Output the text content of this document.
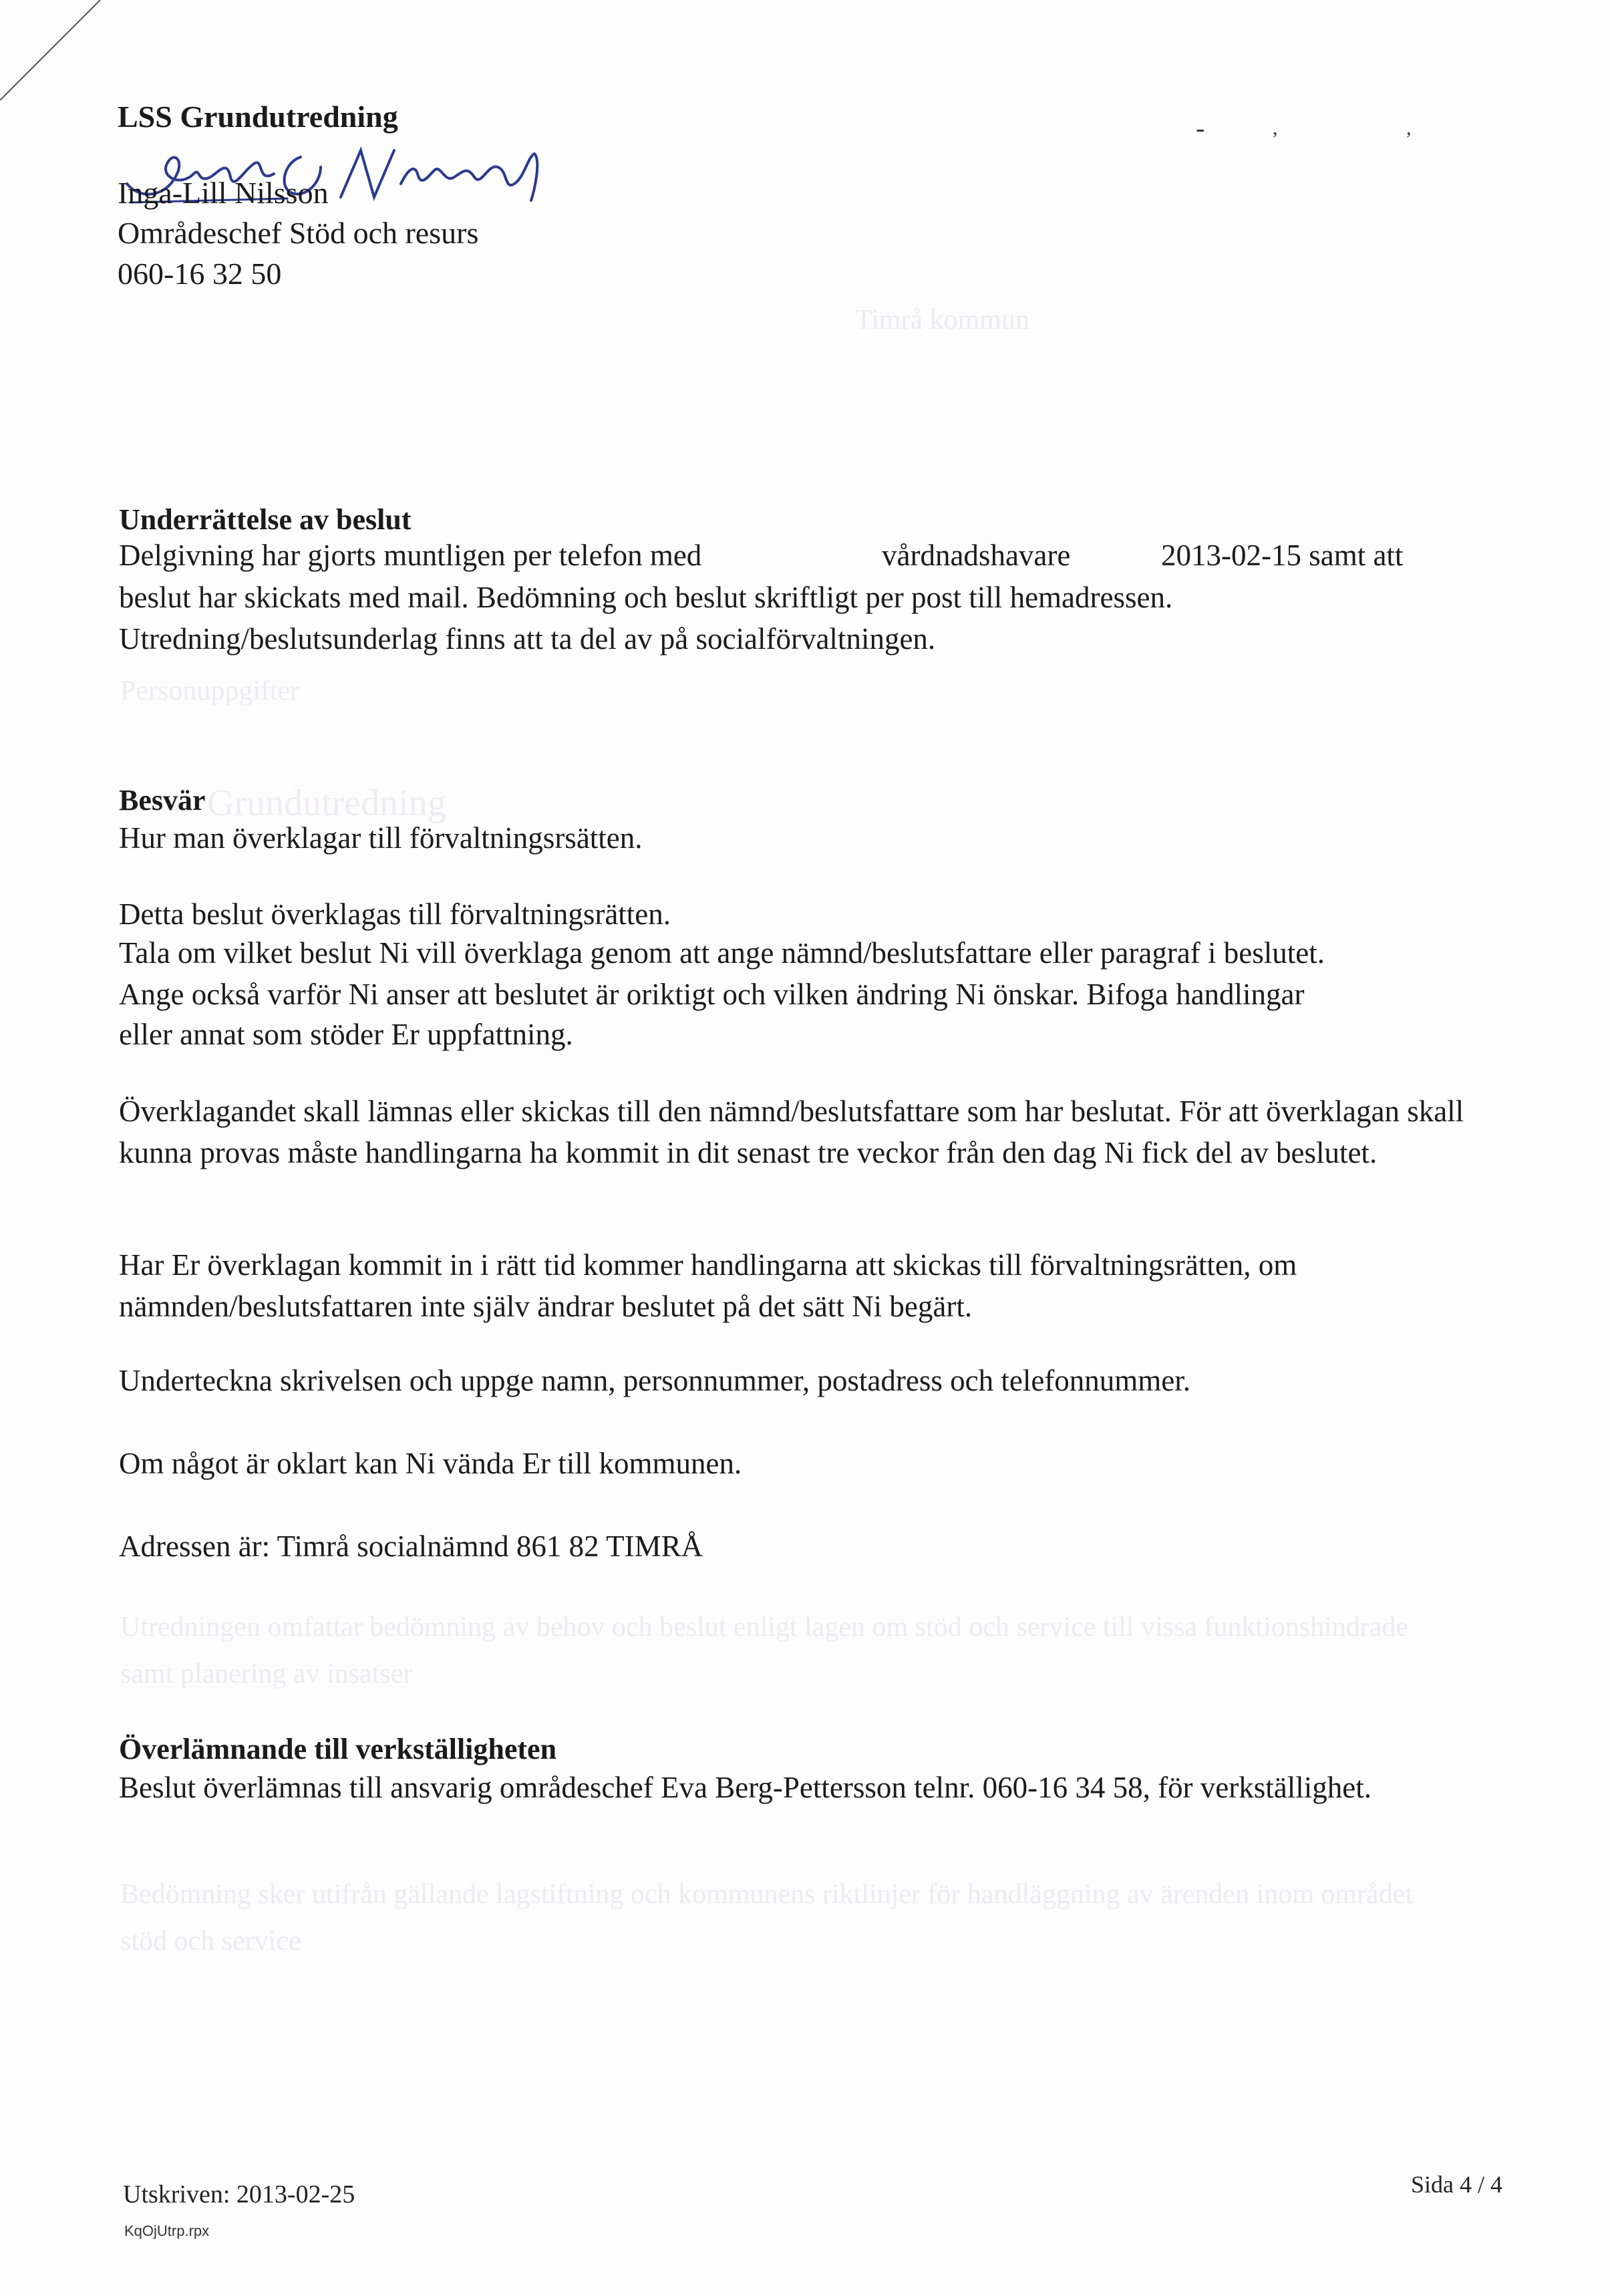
Grundutredning
Personuppgifter
Timrå kommun
Utredningen omfattar bedömning av behov och beslut enligt lagen om stöd och service till vissa funktionshindrade samt planering av insatser
Bedömning sker utifrån gällande lagstiftning och kommunens riktlinjer för handläggning av ärenden inom området stöd och service
LSS Grundutredning
Inga-Lill Nilsson
Områdeschef Stöd och resurs
060-16 32 50
-	,	,
Underrättelse av beslut
Delgivning har gjorts muntligen per telefon med	vårdnadshavare	2013-02-15 samt att
beslut har skickats med mail. Bedömning och beslut skriftligt per post till hemadressen.
Utredning/beslutsunderlag finns att ta del av på socialförvaltningen.
Besvär
Hur man överklagar till förvaltningsrsätten.
Detta beslut överklagas till förvaltningsrätten.
Tala om vilket beslut Ni vill överklaga genom att ange nämnd/beslutsfattare eller paragraf i beslutet.
Ange också varför Ni anser att beslutet är oriktigt och vilken ändring Ni önskar. Bifoga handlingar
eller annat som stöder Er uppfattning.

Överklagandet skall lämnas eller skickas till den nämnd/beslutsfattare som har beslutat. För att överklagan skall kunna provas måste handlingarna ha kommit in dit senast tre veckor från den dag Ni fick del av beslutet.

Har Er överklagan kommit in i rätt tid kommer handlingarna att skickas till förvaltningsrätten, om nämnden/beslutsfattaren inte själv ändrar beslutet på det sätt Ni begärt.

Underteckna skrivelsen och uppge namn, personnummer, postadress och telefonnummer.
Om något är oklart kan Ni vända Er till kommunen.
Adressen är: Timrå socialnämnd 861 82 TIMRÅ
Överlämnande till verkställigheten

Beslut överlämnas till ansvarig områdeschef Eva Berg-Pettersson telnr. 060-16 34 58, för verkställighet.

Utskriven: 2013-02-25	Sida 4 / 4
KqOjUtrp.rpx
